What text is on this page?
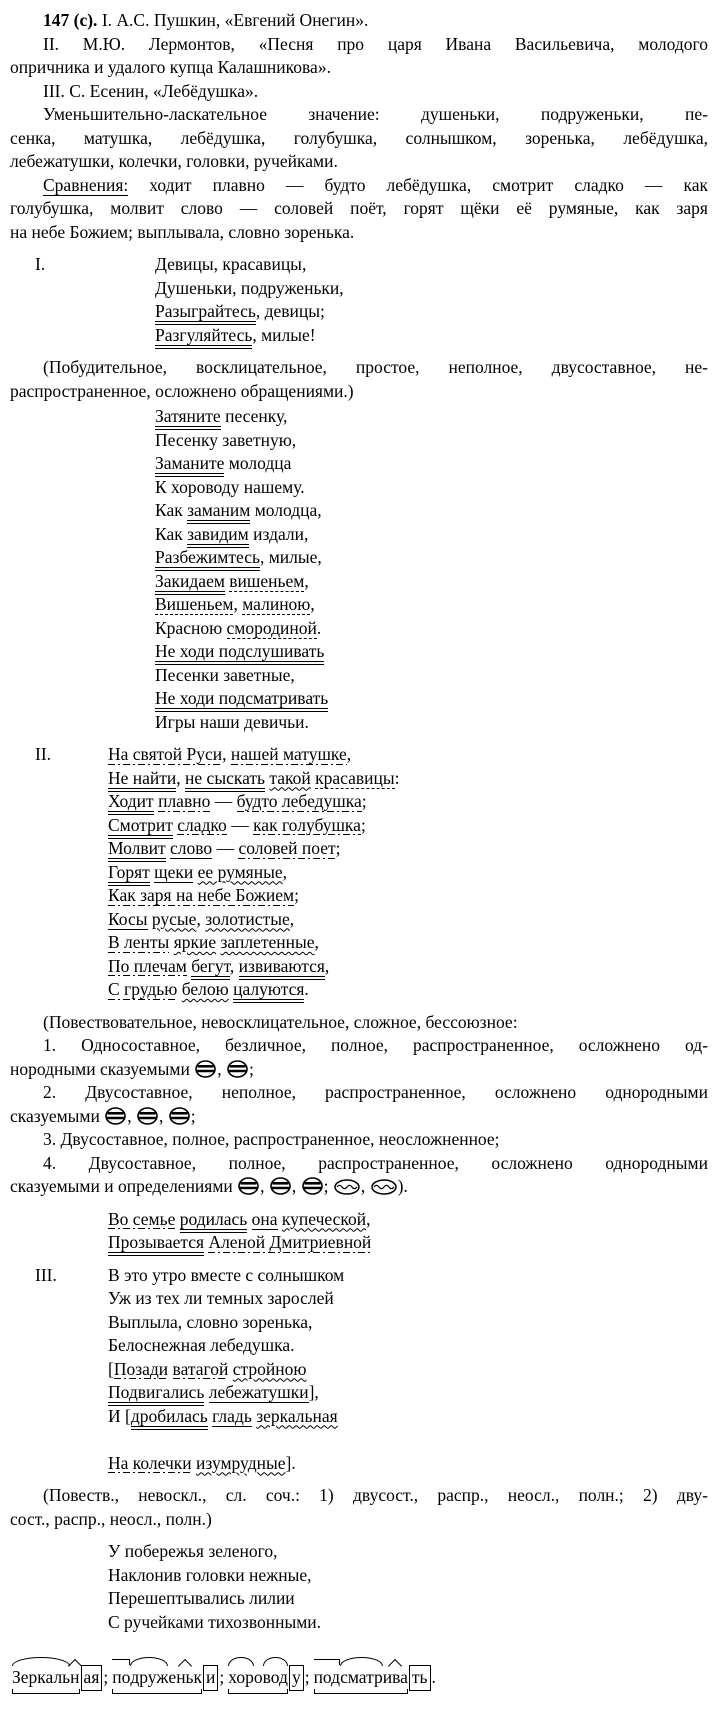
147 (с). I. А.С. Пушкин, «Евгений Онегин».
II. М.Ю. Лермонтов, «Песня про царя Ивана Васильевича, молодого
опричника и удалого купца Калашникова».
III. С. Есенин, «Лебёдушка».
Уменьшительно-ласкательное значение: душеньки, подруженьки, пе-
сенка, матушка, лебёдушка, голубушка, солнышком, зоренька, лебёдушка,
лебежатушки, колечки, головки, ручейками.
Сравнения: ходит плавно — будто лебёдушка, смотрит сладко — как
голубушка, молвит слово — соловей поёт, горят щёки её румяные, как заря
на небе Божием; выплывала, словно зоренька.
I.	Девицы, красавицы,
Душеньки, подруженьки,
Разыграйтесь, девицы;
Разгуляйтесь, милые!
(Побудительное, восклицательное, простое, неполное, двусоставное, не-
распространенное, осложнено обращениями.)
Затяните песенку,
Песенку заветную,
Заманите молодца
К хороводу нашему.
Как заманим молодца,
Как завидим издали,
Разбежимтесь, милые,
Закидаем вишеньем,
Вишеньем, малиною,
Красною смородиной.
Не ходи подслушивать
Песенки заветные,
Не ходи подсматривать
Игры наши девичьи.
II.	На святой Руси, нашей матушке,
Не найти, не сыскать такой красавицы:
Ходит плавно — будто лебедушка;
Смотрит сладко — как голубушка;
Молвит слово — соловей поет;
Горят щеки ее румяные,
Как заря на небе Божием;
Косы русые, золотистые,
В ленты яркие заплетенные,
По плечам бегут, извиваются,
С грудью белою цалуются.
(Повествовательное, невосклицательное, сложное, бессоюзное:
1. Односоставное, безличное, полное, распространенное, осложнено од-
нородными сказуемыми , ;
2. Двусоставное, неполное, распространенное, осложнено однородными
сказуемыми , , ;
3. Двусоставное, полное, распространенное, неосложненное;
4. Двусоставное, полное, распространенное, осложнено однородными
сказуемыми и определениями , , ; , ).
Во семье родилась она купеческой,
Прозывается Аленой Дмитриевной
III.	В это утро вместе с солнышком
Уж из тех ли темных зарослей
Выплыла, словно зоренька,
Белоснежная лебедушка.
[Позади ватагой стройною
Подвигались лебежатушки],
И [дробилась гладь зеркальная
На колечки изумрудные].
(Повеств., невоскл., сл. соч.: 1) двусост., распр., неосл., полн.; 2) дву-
сост., распр., неосл., полн.)
У побережья зеленого,
Наклонив головки нежные,
Перешептывались лилии
С ручейками тихозвонными.
Зеркальн ая ;подруженьк и ;хоровод у ;подсматрива ть .
